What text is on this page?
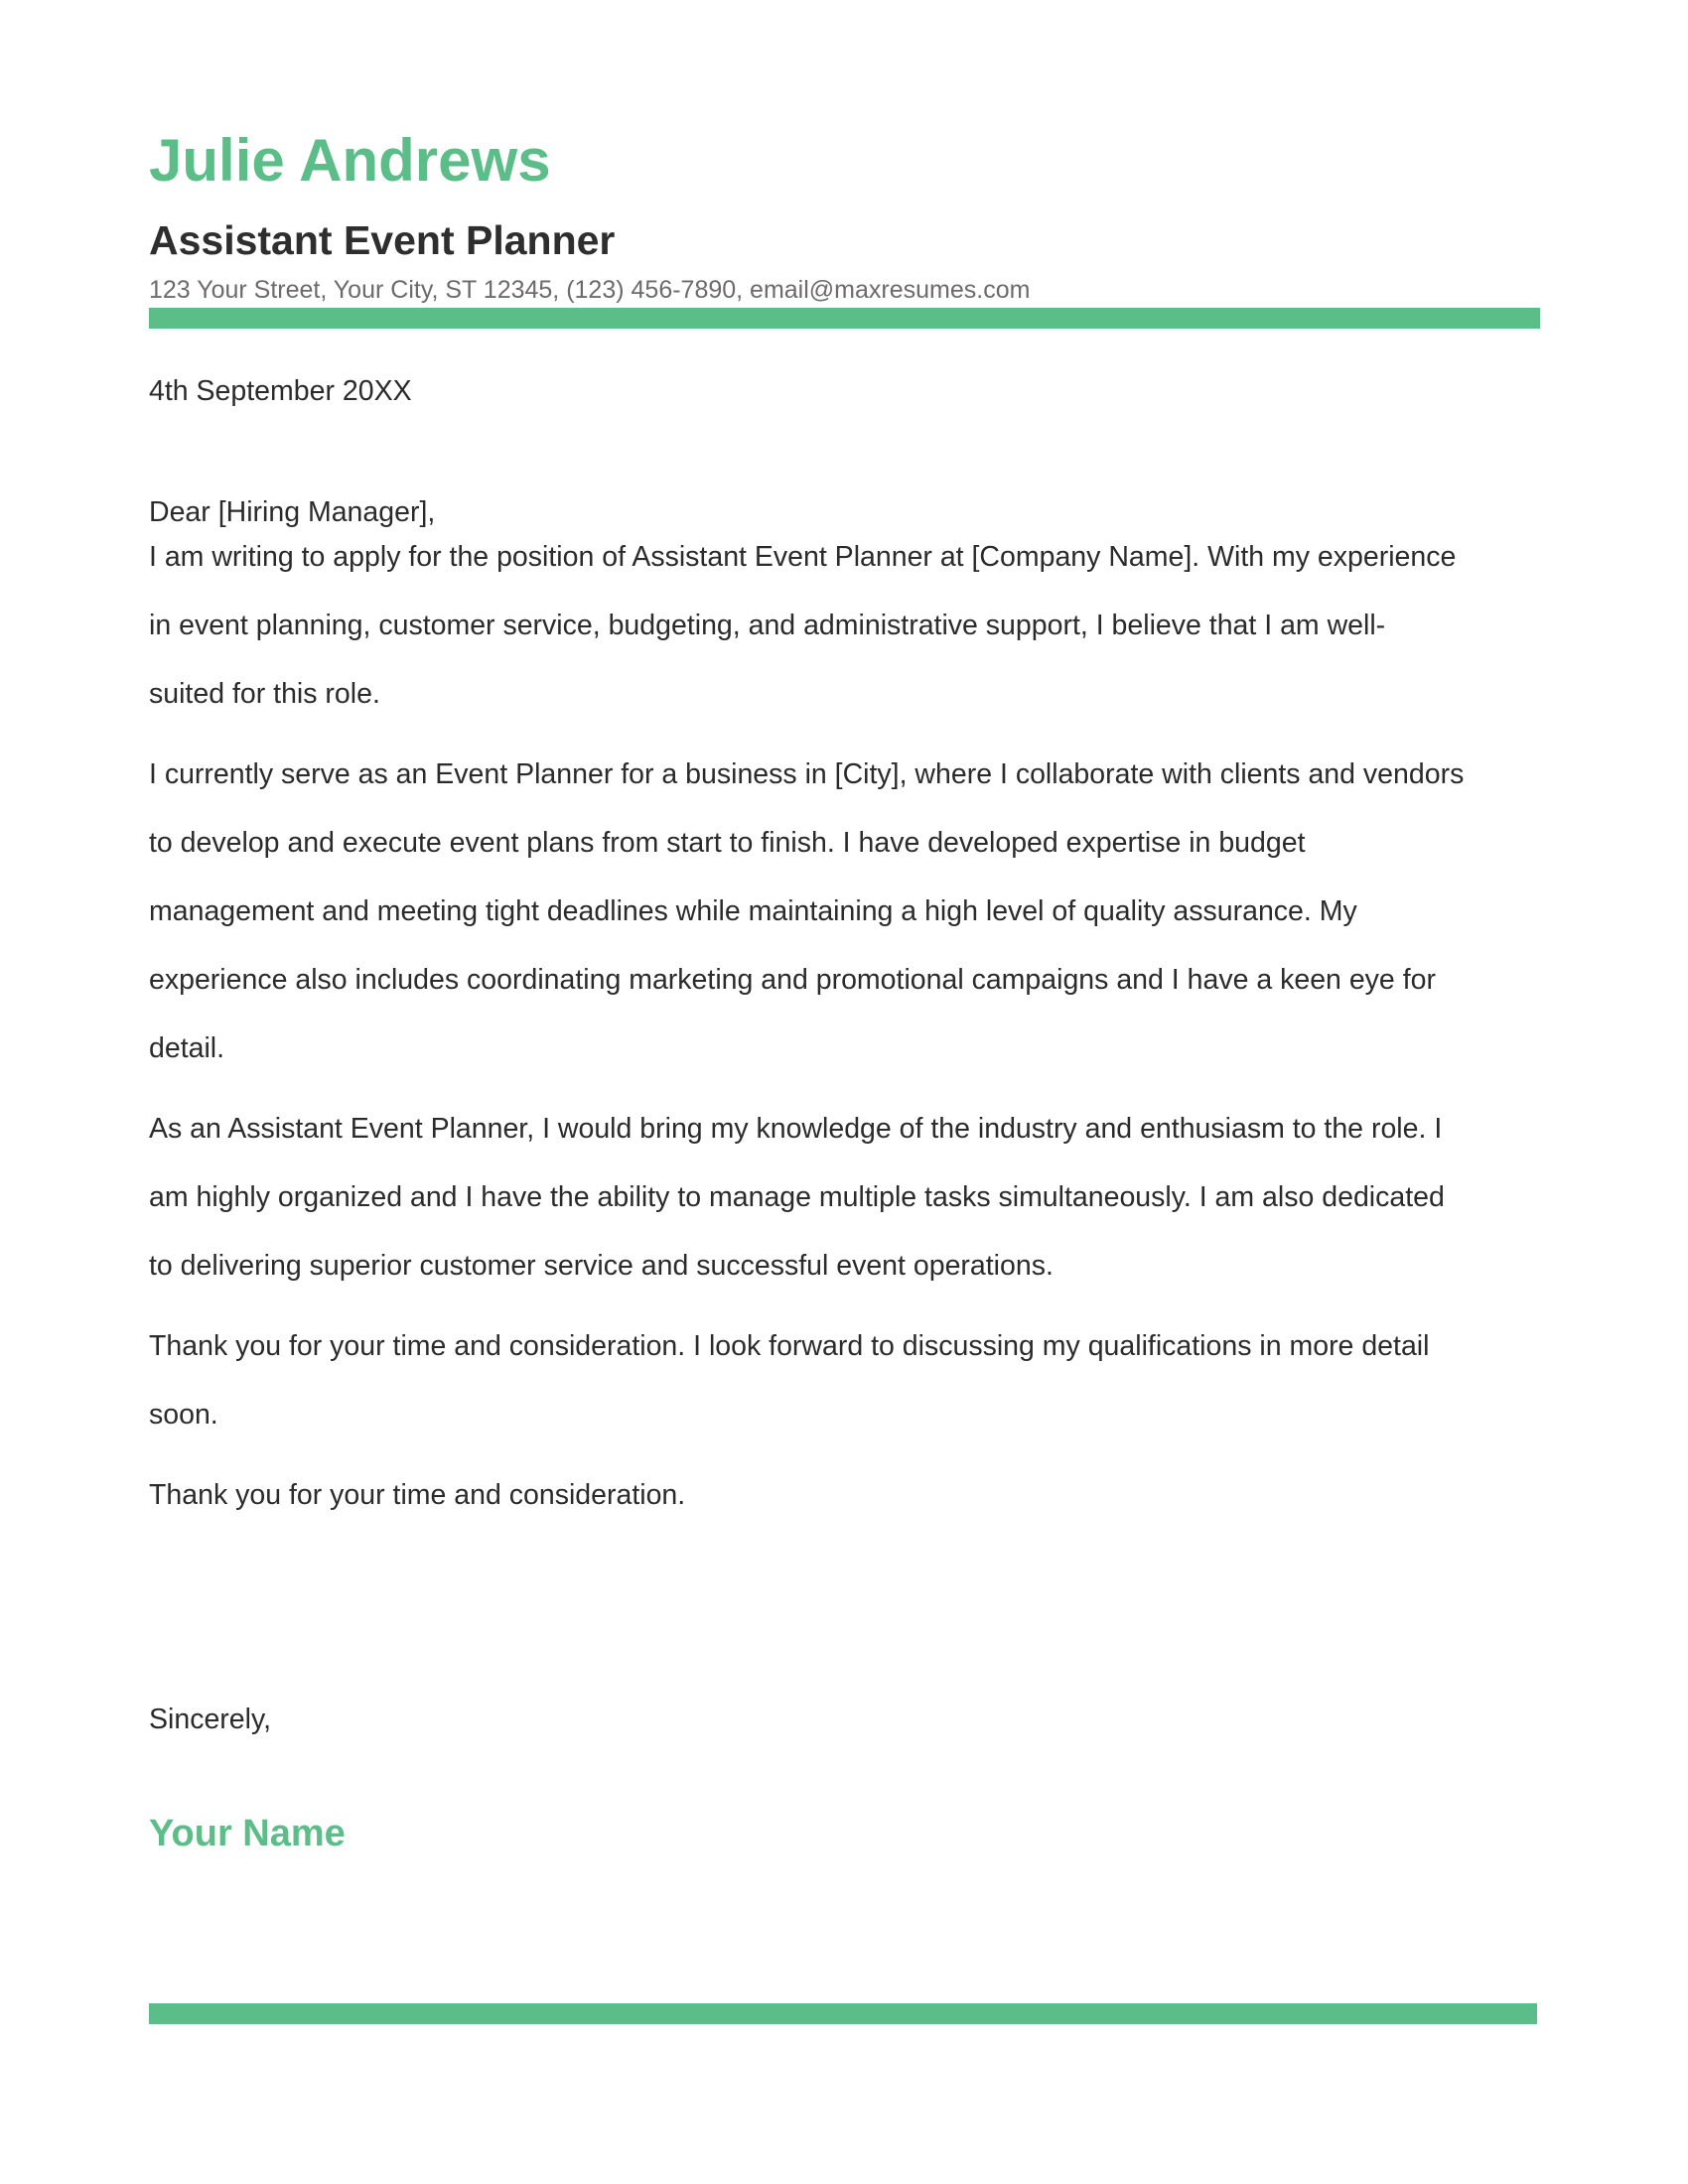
Julie Andrews
Assistant Event Planner
123 Your Street, Your City, ST 12345, (123) 456-7890, email@maxresumes.com
4th September 20XX
Dear [Hiring Manager],

I am writing to apply for the position of Assistant Event Planner at [Company Name]. With my experience
in event planning, customer service, budgeting, and administrative support, I believe that I am well-
suited for this role.

I currently serve as an Event Planner for a business in [City], where I collaborate with clients and vendors
to develop and execute event plans from start to finish. I have developed expertise in budget
management and meeting tight deadlines while maintaining a high level of quality assurance. My
experience also includes coordinating marketing and promotional campaigns and I have a keen eye for
detail.

As an Assistant Event Planner, I would bring my knowledge of the industry and enthusiasm to the role. I
am highly organized and I have the ability to manage multiple tasks simultaneously. I am also dedicated
to delivering superior customer service and successful event operations.

Thank you for your time and consideration. I look forward to discussing my qualifications in more detail
soon.

Thank you for your time and consideration.

Sincerely,
Your Name
